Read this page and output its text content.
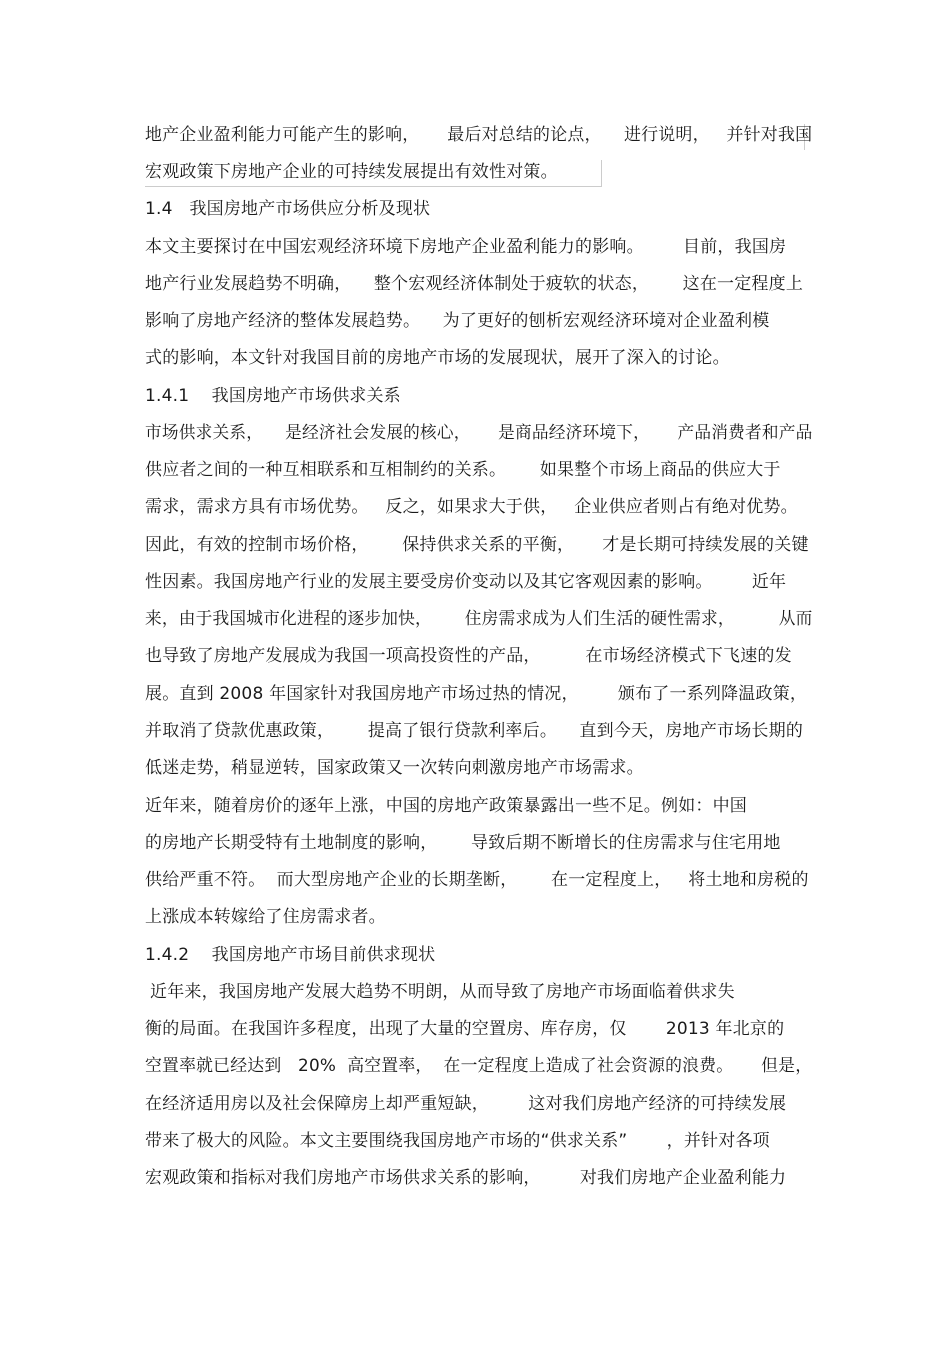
地产企业盈利能力可能产生的影响，     最后对总结的论点，    进行说明，   并针对我国
宏观政策下房地产企业的可持续发展提出有效性对策。
1.4   我国房地产市场供应分析及现状
本文主要探讨在中国宏观经济环境下房地产企业盈利能力的影响。       目前，我国房
地产行业发展趋势不明确，    整个宏观经济体制处于疲软的状态，      这在一定程度上
影响了房地产经济的整体发展趋势。    为了更好的刨析宏观经济环境对企业盈利模
式的影响，本文针对我国目前的房地产市场的发展现状，展开了深入的讨论。
1.4.1    我国房地产市场供求关系
市场供求关系，    是经济社会发展的核心，     是商品经济环境下，     产品消费者和产品
供应者之间的一种互相联系和互相制约的关系。      如果整个市场上商品的供应大于
需求，需求方具有市场优势。   反之，如果求大于供，   企业供应者则占有绝对优势。
因此，有效的控制市场价格，      保持供求关系的平衡，     才是长期可持续发展的关键
性因素。我国房地产行业的发展主要受房价变动以及其它客观因素的影响。       近年
来，由于我国城市化进程的逐步加快，      住房需求成为人们生活的硬性需求，        从而
也导致了房地产发展成为我国一项高投资性的产品，        在市场经济模式下飞速的发
展。直到 2008 年国家针对我国房地产市场过热的情况，       颁布了一系列降温政策，
并取消了贷款优惠政策，      提高了银行贷款利率后。    直到今天，房地产市场长期的
低迷走势，稍显逆转，国家政策又一次转向刺激房地产市场需求。
近年来，随着房价的逐年上涨，中国的房地产政策暴露出一些不足。例如：中国
的房地产长期受特有土地制度的影响，      导致后期不断增长的住房需求与住宅用地
供给严重不符。  而大型房地产企业的长期垄断，      在一定程度上，   将土地和房税的
上涨成本转嫁给了住房需求者。
1.4.2    我国房地产市场目前供求现状
近年来，我国房地产发展大趋势不明朗，从而导致了房地产市场面临着供求失
衡的局面。在我国许多程度，出现了大量的空置房、库存房，仅       2013 年北京的
空置率就已经达到   20%  高空置率，  在一定程度上造成了社会资源的浪费。     但是，
在经济适用房以及社会保障房上却严重短缺，       这对我们房地产经济的可持续发展
带来了极大的风险。本文主要围绕我国房地产市场的“供求关系”       ，并针对各项
宏观政策和指标对我们房地产市场供求关系的影响，       对我们房地产企业盈利能力
